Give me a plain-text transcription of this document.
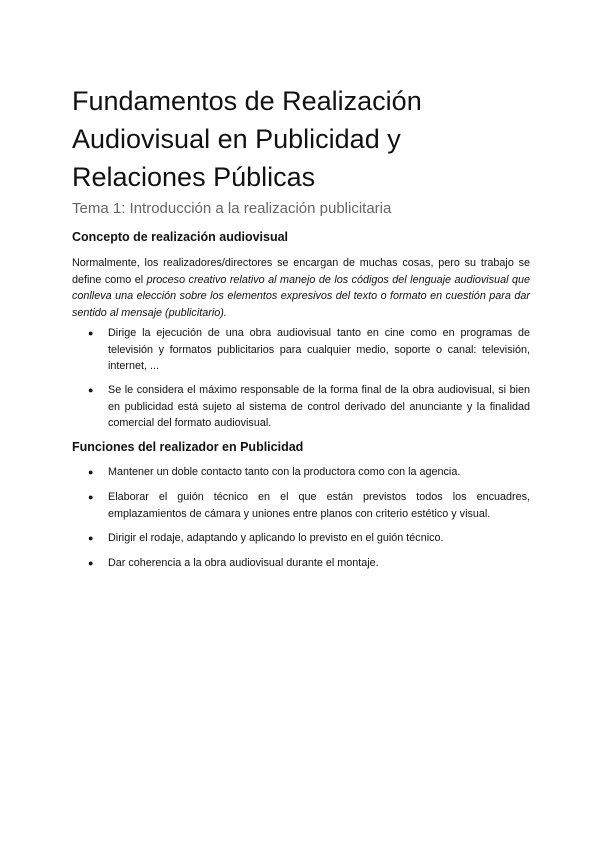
Fundamentos de Realización Audiovisual en Publicidad y Relaciones Públicas

Tema 1: Introducción a la realización publicitaria

Concepto de realización audiovisual

Normalmente, los realizadores/directores se encargan de muchas cosas, pero su trabajo se define como el proceso creativo relativo al manejo de los códigos del lenguaje audiovisual que conlleva una elección sobre los elementos expresivos del texto o formato en cuestión para dar sentido al mensaje (publicitario).

●	Dirige la ejecución de una obra audiovisual tanto en cine como en programas de televisión y formatos publicitarios para cualquier medio, soporte o canal: televisión, internet, ...
●	Se le considera el máximo responsable de la forma final de la obra audiovisual, si bien en publicidad está sujeto al sistema de control derivado del anunciante y la finalidad comercial del formato audiovisual.
Funciones del realizador en Publicidad
●	Mantener un doble contacto tanto con la productora como con la agencia.
●	Elaborar el guión técnico en el que están previstos todos los encuadres, emplazamientos de cámara y uniones entre planos con criterio estético y visual.
●	Dirigir el rodaje, adaptando y aplicando lo previsto en el guión técnico.
●	Dar coherencia a la obra audiovisual durante el montaje.
